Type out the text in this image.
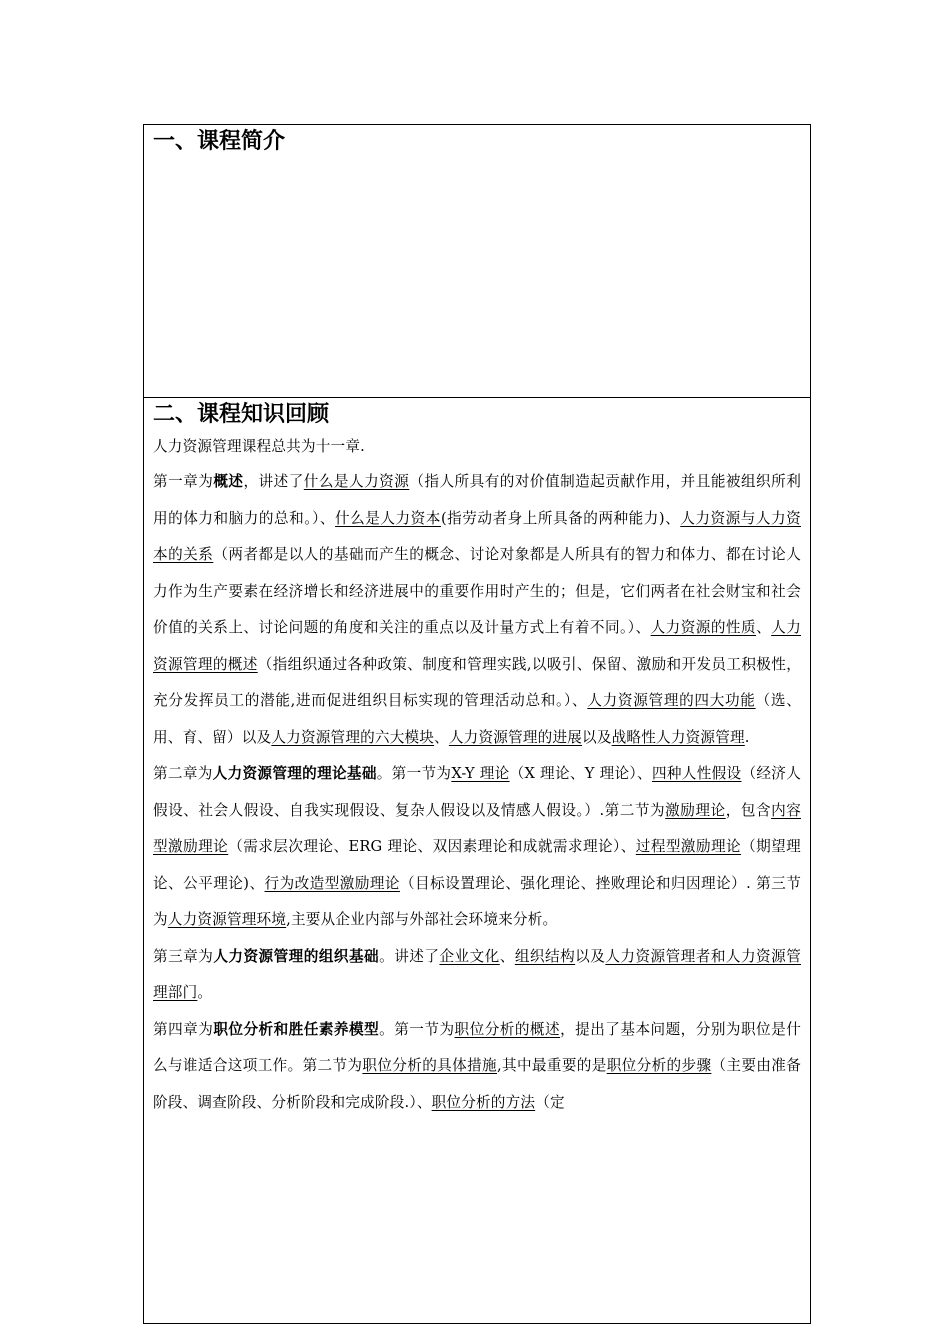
一、课程简介
二、课程知识回顾

人力资源管理课程总共为十一章.

第一章为概述，讲述了什么是人力资源（指人所具有的对价值制造起贡献作用，并且能被组织所利用的体力和脑力的总和。）、什么是人力资本(指劳动者身上所具备的两种能力)、人力资源与人力资本的关系（两者都是以人的基础而产生的概念、讨论对象都是人所具有的智力和体力、都在讨论人力作为生产要素在经济增长和经济进展中的重要作用时产生的；但是，它们两者在社会财宝和社会价值的关系上、讨论问题的角度和关注的重点以及计量方式上有着不同。）、人力资源的性质、人力资源管理的概述（指组织通过各种政策、制度和管理实践,以吸引、保留、激励和开发员工积极性，充分发挥员工的潜能,进而促进组织目标实现的管理活动总和。）、人力资源管理的四大功能（选、用、育、留）以及人力资源管理的六大模块、人力资源管理的进展以及战略性人力资源管理.

第二章为人力资源管理的理论基础。第一节为X-Y 理论（X 理论、Y 理论）、四种人性假设（经济人假设、社会人假设、自我实现假设、复杂人假设以及情感人假设。）.第二节为激励理论，包含内容型激励理论（需求层次理论、ERG 理论、双因素理论和成就需求理论）、过程型激励理论（期望理论、公平理论)、行为改造型激励理论（目标设置理论、强化理论、挫败理论和归因理论）. 第三节为人力资源管理环境,主要从企业内部与外部社会环境来分析。

第三章为人力资源管理的组织基础。讲述了企业文化、组织结构以及人力资源管理者和人力资源管理部门。

第四章为职位分析和胜任素养模型。第一节为职位分析的概述，提出了基本问题，分别为职位是什么与谁适合这项工作。第二节为职位分析的具体措施,其中最重要的是职位分析的步骤（主要由准备阶段、调查阶段、分析阶段和完成阶段.）、职位分析的方法（定
